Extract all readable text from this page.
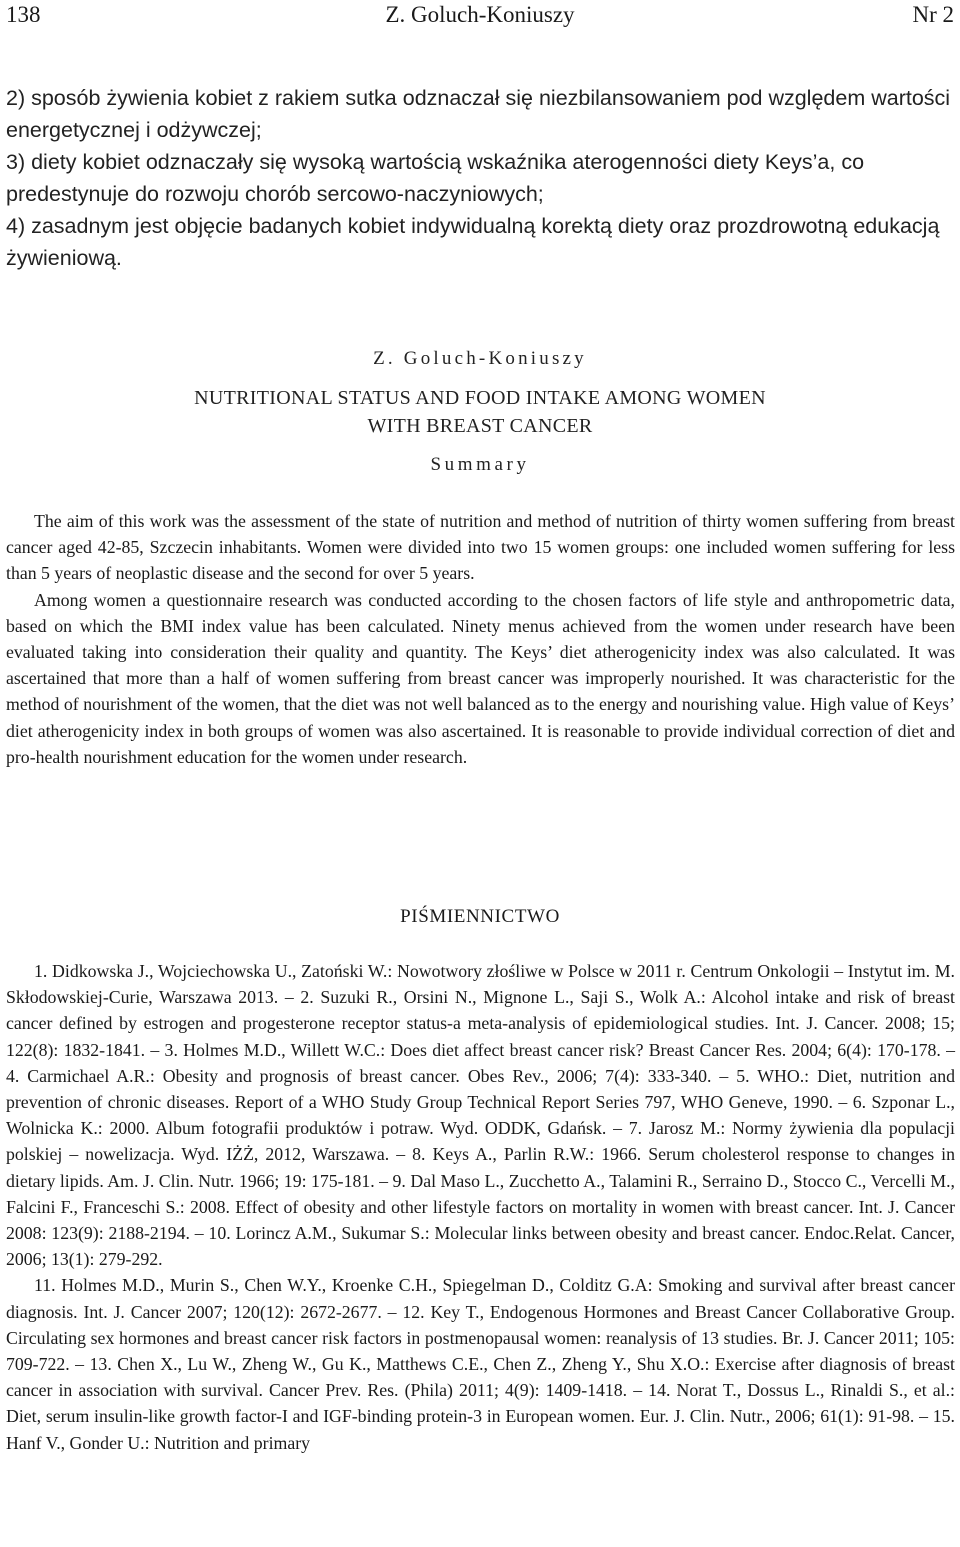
138	Z. Goluch-Koniuszy	Nr 2

2) sposób żywienia kobiet z rakiem sutka odznaczał się niezbilansowaniem pod względem wartości energetycznej i odżywczej;

3) diety kobiet odznaczały się wysoką wartością wskaźnika aterogenności diety Keys’a, co predestynuje do rozwoju chorób sercowo-naczyniowych;

4) zasadnym jest objęcie badanych kobiet indywidualną korektą diety oraz prozdrowotną edukacją żywieniową.

Z. Goluch-Koniuszy

NUTRITIONAL STATUS AND FOOD INTAKE AMONG WOMEN
WITH BREAST CANCER
Summary

The aim of this work was the assessment of the state of nutrition and method of nutrition of thirty women suffering from breast cancer aged 42-85, Szczecin inhabitants. Women were divided into two 15 women groups: one included women suffering for less than 5 years of neoplastic disease and the second for over 5 years.

Among women a questionnaire research was conducted according to the chosen factors of life style and anthropometric data, based on which the BMI index value has been calculated. Ninety menus achieved from the women under research have been evaluated taking into consideration their quality and quantity. The Keys’ diet atherogenicity index was also calculated. It was ascertained that more than a half of women suffering from breast cancer was improperly nourished. It was characteristic for the method of nourishment of the women, that the diet was not well balanced as to the energy and nourishing value. High value of Keys’ diet atherogenicity index in both groups of women was also ascertained. It is reasonable to provide individual correction of diet and pro-health nourishment education for the women under research.

PIŚMIENNICTWO

1. Didkowska J., Wojciechowska U., Zatoński W.: Nowotwory złośliwe w Polsce w 2011 r. Centrum Onkologii – Instytut im. M. Skłodowskiej-Curie, Warszawa 2013. – 2. Suzuki R., Orsini N., Mignone L., Saji S., Wolk A.: Alcohol intake and risk of breast cancer defined by estrogen and progesterone receptor status-a meta-analysis of epidemiological studies. Int. J. Cancer. 2008; 15; 122(8): 1832-1841. – 3. Holmes M.D., Willett W.C.: Does diet affect breast cancer risk? Breast Cancer Res. 2004; 6(4): 170-178. – 4. Carmichael A.R.: Obesity and prognosis of breast cancer. Obes Rev., 2006; 7(4): 333-340. – 5. WHO.: Diet, nutrition and prevention of chronic diseases. Report of a WHO Study Group Technical Report Series 797, WHO Geneve, 1990. – 6. Szponar L., Wolnicka K.: 2000. Album fotografii produktów i potraw. Wyd. ODDK, Gdańsk. – 7. Jarosz M.: Normy żywienia dla populacji polskiej – nowelizacja. Wyd. IŻŻ, 2012, Warszawa. – 8. Keys A., Parlin R.W.: 1966. Serum cholesterol response to changes in dietary lipids. Am. J. Clin. Nutr. 1966; 19: 175-181. – 9. Dal Maso L., Zucchetto A., Talamini R., Serraino D., Stocco C., Vercelli M., Falcini F., Franceschi S.: 2008. Effect of obesity and other lifestyle factors on mortality in women with breast cancer. Int. J. Cancer 2008: 123(9): 2188-2194. – 10. Lorincz A.M., Sukumar S.: Molecular links between obesity and breast cancer. Endoc.Relat. Cancer, 2006; 13(1): 279-292.

11. Holmes M.D., Murin S., Chen W.Y., Kroenke C.H., Spiegelman D., Colditz G.A: Smoking and survival after breast cancer diagnosis. Int. J. Cancer 2007; 120(12): 2672-2677. – 12. Key T., Endogenous Hormones and Breast Cancer Collaborative Group. Circulating sex hormones and breast cancer risk factors in postmenopausal women: reanalysis of 13 studies. Br. J. Cancer 2011; 105: 709-722. – 13. Chen X., Lu W., Zheng W., Gu K., Matthews C.E., Chen Z., Zheng Y., Shu X.O.: Exercise after diagnosis of breast cancer in association with survival. Cancer Prev. Res. (Phila) 2011; 4(9): 1409-1418. – 14. Norat T., Dossus L., Rinaldi S., et al.: Diet, serum insulin-like growth factor-I and IGF-binding protein-3 in European women. Eur. J. Clin. Nutr., 2006; 61(1): 91-98. – 15. Hanf V., Gonder U.: Nutrition and primary
